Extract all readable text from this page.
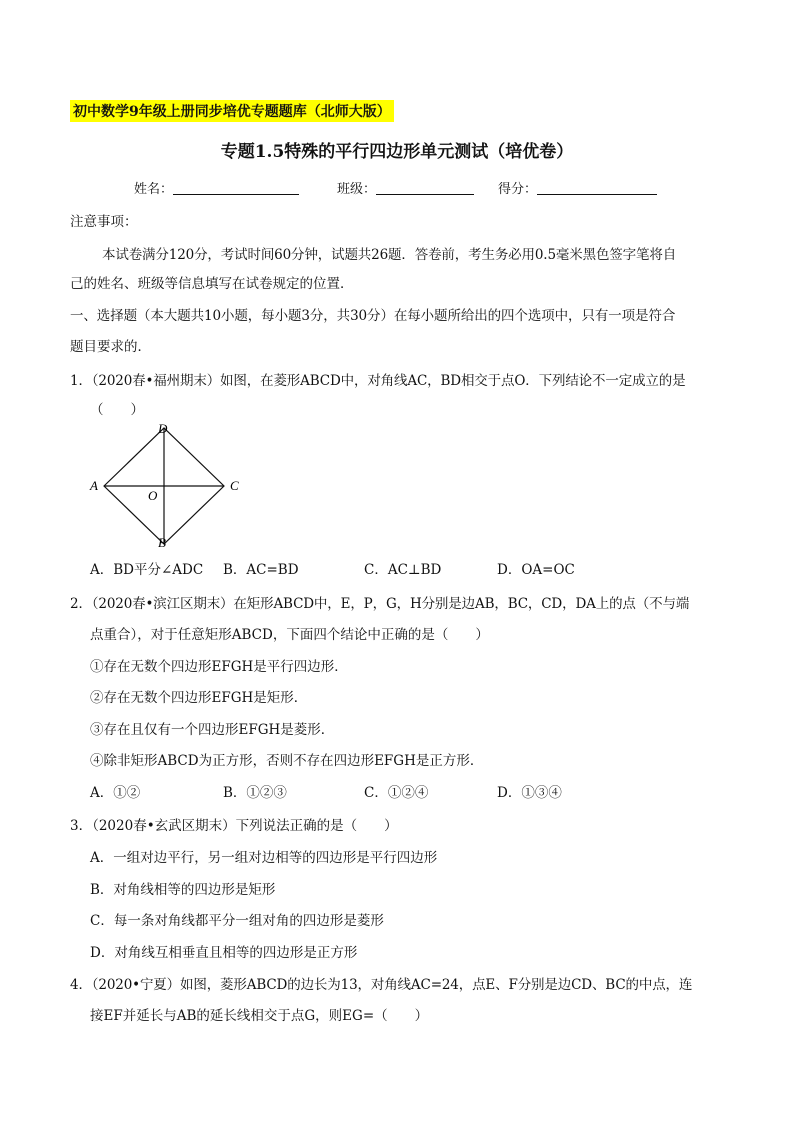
初中数学9年级上册同步培优专题题库（北师大版）
专题1.5特殊的平行四边形单元测试（培优卷）
姓名：	班级：	得分：
注意事项：
本试卷满分120分，考试时间60分钟，试题共26题．答卷前，考生务必用0.5毫米黑色签字笔将自
己的姓名、班级等信息填写在试卷规定的位置．
一、选择题（本大题共10小题，每小题3分，共30分）在每小题所给出的四个选项中，只有一项是符合
题目要求的．
1．（2020春•福州期末）如图，在菱形ABCD中，对角线AC，BD相交于点O．下列结论不一定成立的是
（　　）
D
A
O
C
B
A．BD平分∠ADC B．AC=BD	C．AC⊥BD	D．OA=OC
2．（2020春•滨江区期末）在矩形ABCD中，E，P，G，H分别是边AB，BC，CD，DA上的点（不与端
点重合），对于任意矩形ABCD，下面四个结论中正确的是（　　）
①存在无数个四边形EFGH是平行四边形．
②存在无数个四边形EFGH是矩形．
③存在且仅有一个四边形EFGH是菱形．
④除非矩形ABCD为正方形，否则不存在四边形EFGH是正方形．
A．①②	B．①②③	C．①②④	D．①③④
3．（2020春•玄武区期末）下列说法正确的是（　　）
A．一组对边平行，另一组对边相等的四边形是平行四边形
B．对角线相等的四边形是矩形
C．每一条对角线都平分一组对角的四边形是菱形
D．对角线互相垂直且相等的四边形是正方形
4．（2020•宁夏）如图，菱形ABCD的边长为13，对角线AC=24，点E、F分别是边CD、BC的中点，连
接EF并延长与AB的延长线相交于点G，则EG=（　　）
